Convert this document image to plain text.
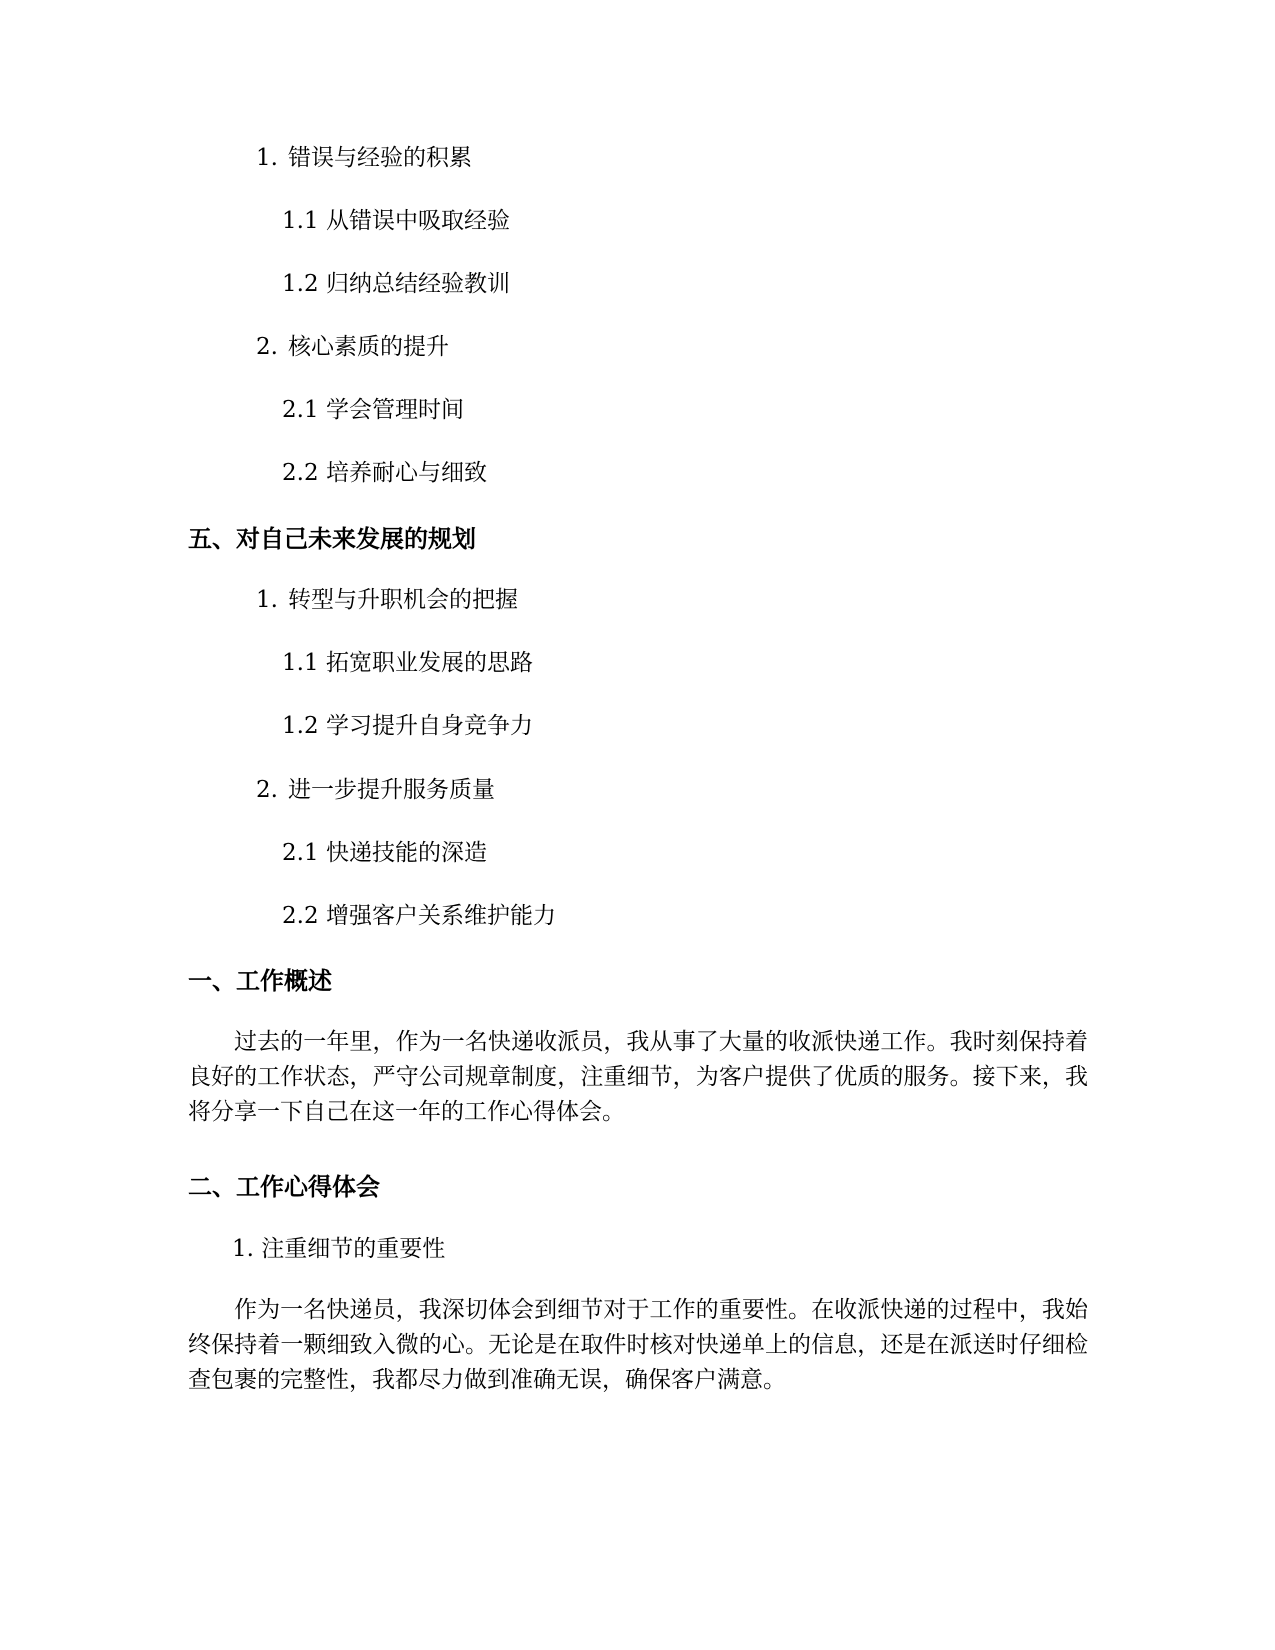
1. 错误与经验的积累
1.1 从错误中吸取经验
1.2 归纳总结经验教训
2. 核心素质的提升
2.1 学会管理时间
2.2 培养耐心与细致
五、对自己未来发展的规划
1. 转型与升职机会的把握
1.1 拓宽职业发展的思路
1.2 学习提升自身竞争力
2. 进一步提升服务质量
2.1 快递技能的深造
2.2 增强客户关系维护能力
一、工作概述
过去的一年里，作为一名快递收派员，我从事了大量的收派快递工作。我时刻保持着良好的工作状态，严守公司规章制度，注重细节，为客户提供了优质的服务。接下来，我将分享一下自己在这一年的工作心得体会。
二、工作心得体会
1. 注重细节的重要性
作为一名快递员，我深切体会到细节对于工作的重要性。在收派快递的过程中，我始终保持着一颗细致入微的心。无论是在取件时核对快递单上的信息，还是在派送时仔细检查包裹的完整性，我都尽力做到准确无误，确保客户满意。
